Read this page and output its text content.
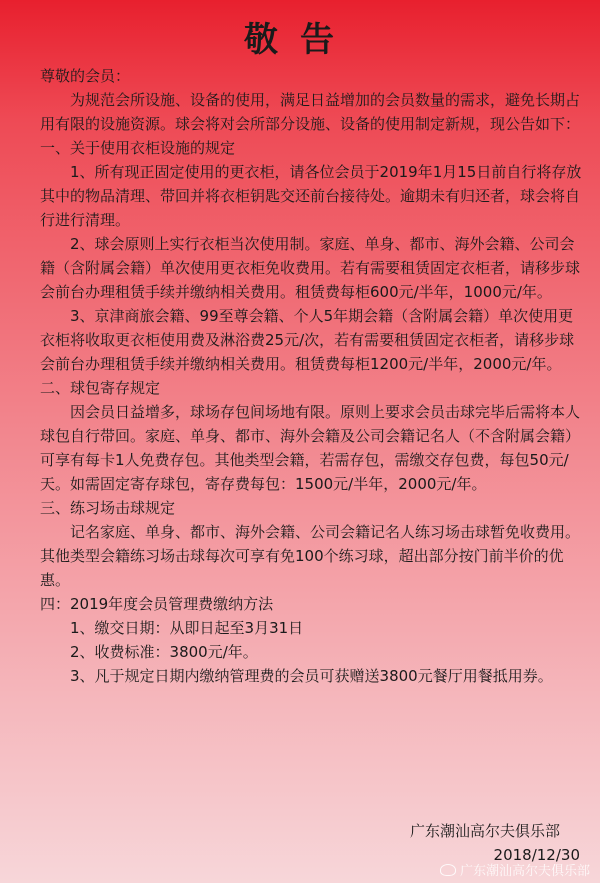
敬告

尊敬的会员：

为规范会所设施、设备的使用，满足日益增加的会员数量的需求，避免长期占用有限的设施资源。球会将对会所部分设施、设备的使用制定新规，现公告如下：

一、关于使用衣柜设施的规定

1、所有现正固定使用的更衣柜，请各位会员于2019年1月15日前自行将存放其中的物品清理、带回并将衣柜钥匙交还前台接待处。逾期未有归还者，球会将自行进行清理。

2、球会原则上实行衣柜当次使用制。家庭、单身、都市、海外会籍、公司会籍（含附属会籍）单次使用更衣柜免收费用。若有需要租赁固定衣柜者，请移步球会前台办理租赁手续并缴纳相关费用。租赁费每柜600元/半年，1000元/年。

3、京津商旅会籍、99至尊会籍、个人5年期会籍（含附属会籍）单次使用更衣柜将收取更衣柜使用费及淋浴费25元/次，若有需要租赁固定衣柜者，请移步球会前台办理租赁手续并缴纳相关费用。租赁费每柜1200元/半年，2000元/年。

二、球包寄存规定

因会员日益增多，球场存包间场地有限。原则上要求会员击球完毕后需将本人球包自行带回。家庭、单身、都市、海外会籍及公司会籍记名人（不含附属会籍）可享有每卡1人免费存包。其他类型会籍，若需存包，需缴交存包费，每包50元/天。如需固定寄存球包，寄存费每包：1500元/半年，2000元/年。

三、练习场击球规定

记名家庭、单身、都市、海外会籍、公司会籍记名人练习场击球暂免收费用。其他类型会籍练习场击球每次可享有免100个练习球，超出部分按门前半价的优惠。

四：2019年度会员管理费缴纳方法

1、缴交日期：从即日起至3月31日

2、收费标准：3800元/年。

3、凡于规定日期内缴纳管理费的会员可获赠送3800元餐厅用餐抵用券。

广东潮汕高尔夫俱乐部
2018/12/30
广东潮汕高尔夫俱乐部
